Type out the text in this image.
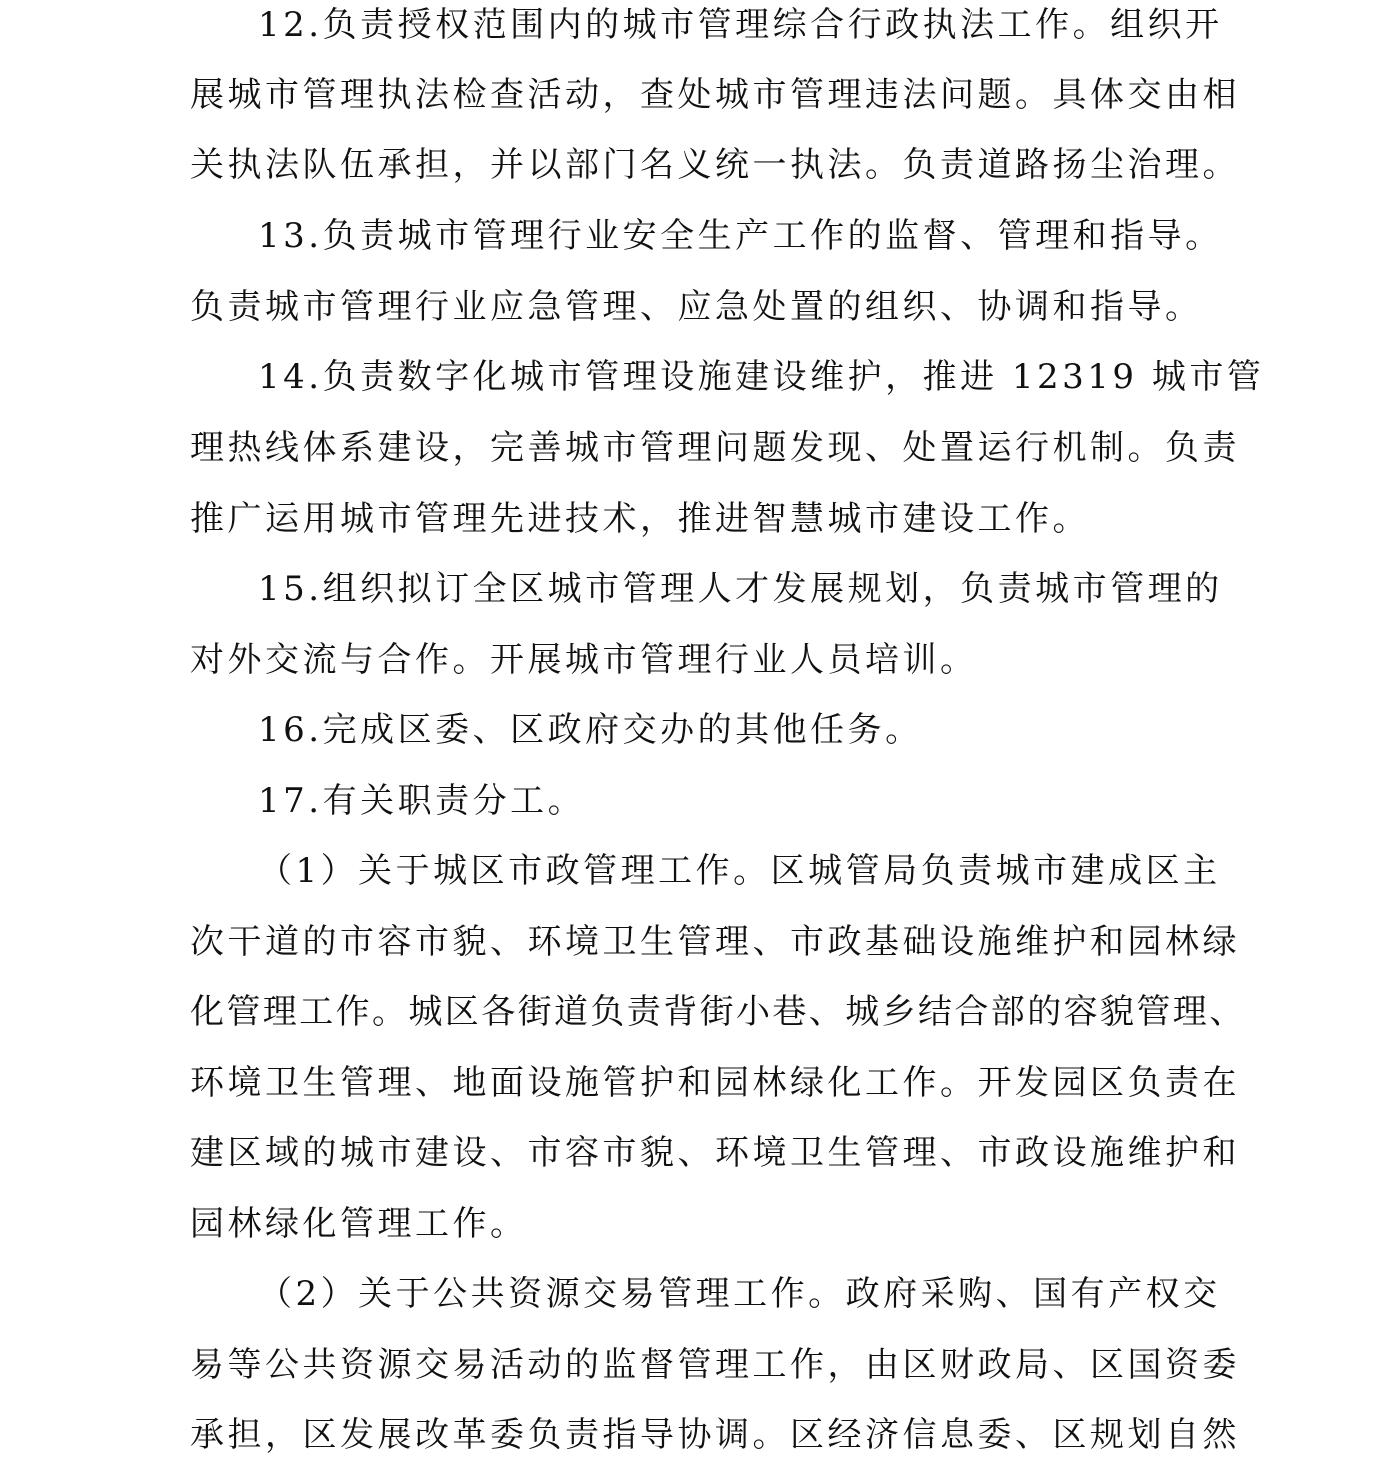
12.负责授权范围内的城市管理综合行政执法工作。组织开
展城市管理执法检查活动，查处城市管理违法问题。具体交由相
关执法队伍承担，并以部门名义统一执法。负责道路扬尘治理。
13.负责城市管理行业安全生产工作的监督、管理和指导。
负责城市管理行业应急管理、应急处置的组织、协调和指导。
14.负责数字化城市管理设施建设维护，推进 12319 城市管
理热线体系建设，完善城市管理问题发现、处置运行机制。负责
推广运用城市管理先进技术，推进智慧城市建设工作。
15.组织拟订全区城市管理人才发展规划，负责城市管理的
对外交流与合作。开展城市管理行业人员培训。
16.完成区委、区政府交办的其他任务。
17.有关职责分工。
（1）关于城区市政管理工作。区城管局负责城市建成区主
次干道的市容市貌、环境卫生管理、市政基础设施维护和园林绿
化管理工作。城区各街道负责背街小巷、城乡结合部的容貌管理、
环境卫生管理、地面设施管护和园林绿化工作。开发园区负责在
建区域的城市建设、市容市貌、环境卫生管理、市政设施维护和
园林绿化管理工作。
（2）关于公共资源交易管理工作。政府采购、国有产权交
易等公共资源交易活动的监督管理工作，由区财政局、区国资委
承担，区发展改革委负责指导协调。区经济信息委、区规划自然
